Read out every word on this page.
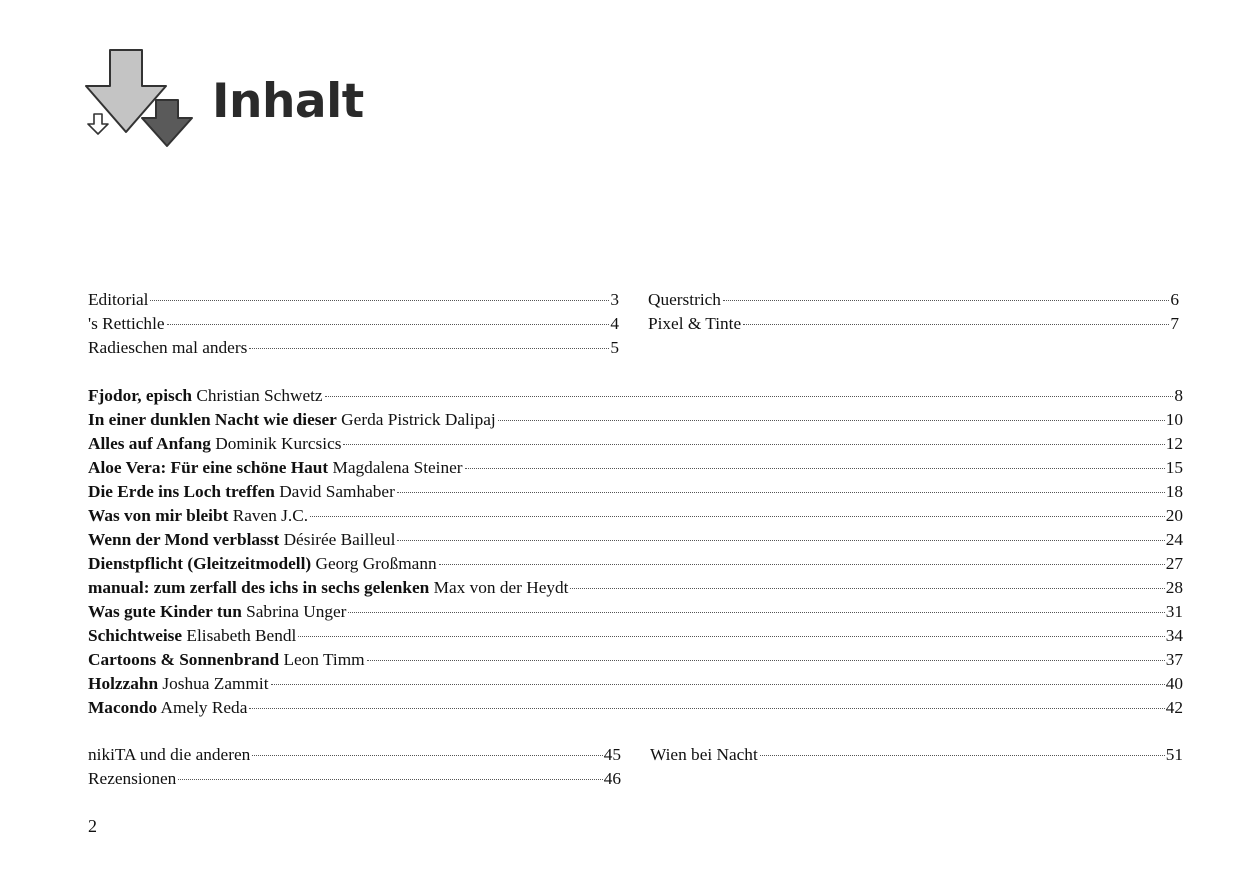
Inhalt
Editorial	3
's Rettichle	4
Radieschen mal anders	5
Querstrich	6
Pixel & Tinte	7
Fjodor, episch Christian Schwetz	8
In einer dunklen Nacht wie dieser Gerda Pistrick Dalipaj	10
Alles auf Anfang Dominik Kurcsics	12
Aloe Vera: Für eine schöne Haut Magdalena Steiner	15
Die Erde ins Loch treffen David Samhaber	18
Was von mir bleibt Raven J.C.	20
Wenn der Mond verblasst Désirée Bailleul	24
Dienstpflicht (Gleitzeitmodell) Georg Großmann	27
manual: zum zerfall des ichs in sechs gelenken Max von der Heydt	28
Was gute Kinder tun Sabrina Unger	31
Schichtweise Elisabeth Bendl	34
Cartoons & Sonnenbrand Leon Timm	37
Holzzahn Joshua Zammit	40
Macondo Amely Reda	42
nikiTA und die anderen	45
Rezensionen	46
Wien bei Nacht	51
2
